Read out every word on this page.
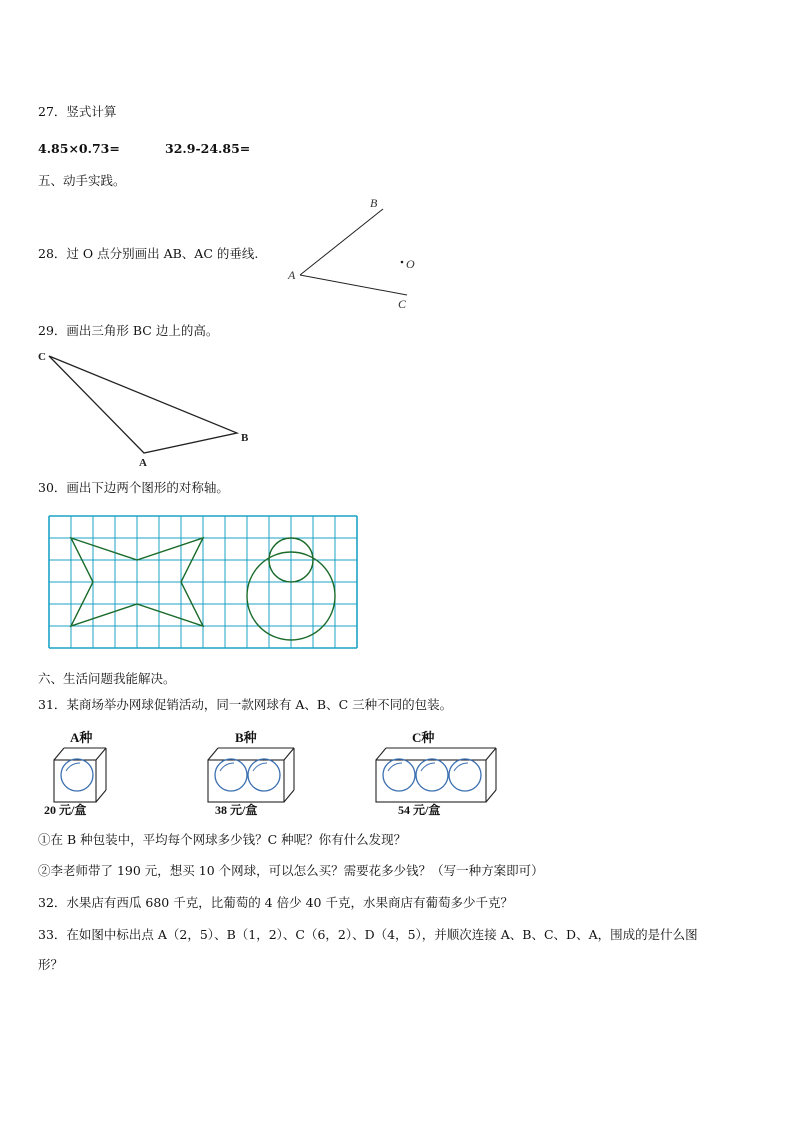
27．竖式计算
4.85×0.73=	32.9-24.85=
五、动手实践。
28．过 O 点分别画出 AB、AC 的垂线.
B
A
C
O
29．画出三角形 BC 边上的高。
C
A
B
30．画出下边两个图形的对称轴。
六、生活问题我能解决。
31．某商场举办网球促销活动，同一款网球有 A、B、C 三种不同的包装。
A种
20 元/盒
B种
38 元/盒
C种
54 元/盒
①在 B 种包装中，平均每个网球多少钱？C 种呢？你有什么发现？
②李老师带了 190 元，想买 10 个网球，可以怎么买？需要花多少钱？（写一种方案即可）
32．水果店有西瓜 680 千克，比葡萄的 4 倍少 40 千克，水果商店有葡萄多少千克？
33．在如图中标出点 A（2，5）、B（1，2）、C（6，2）、D（4，5），并顺次连接 A、B、C、D、A，围成的是什么图
形？
